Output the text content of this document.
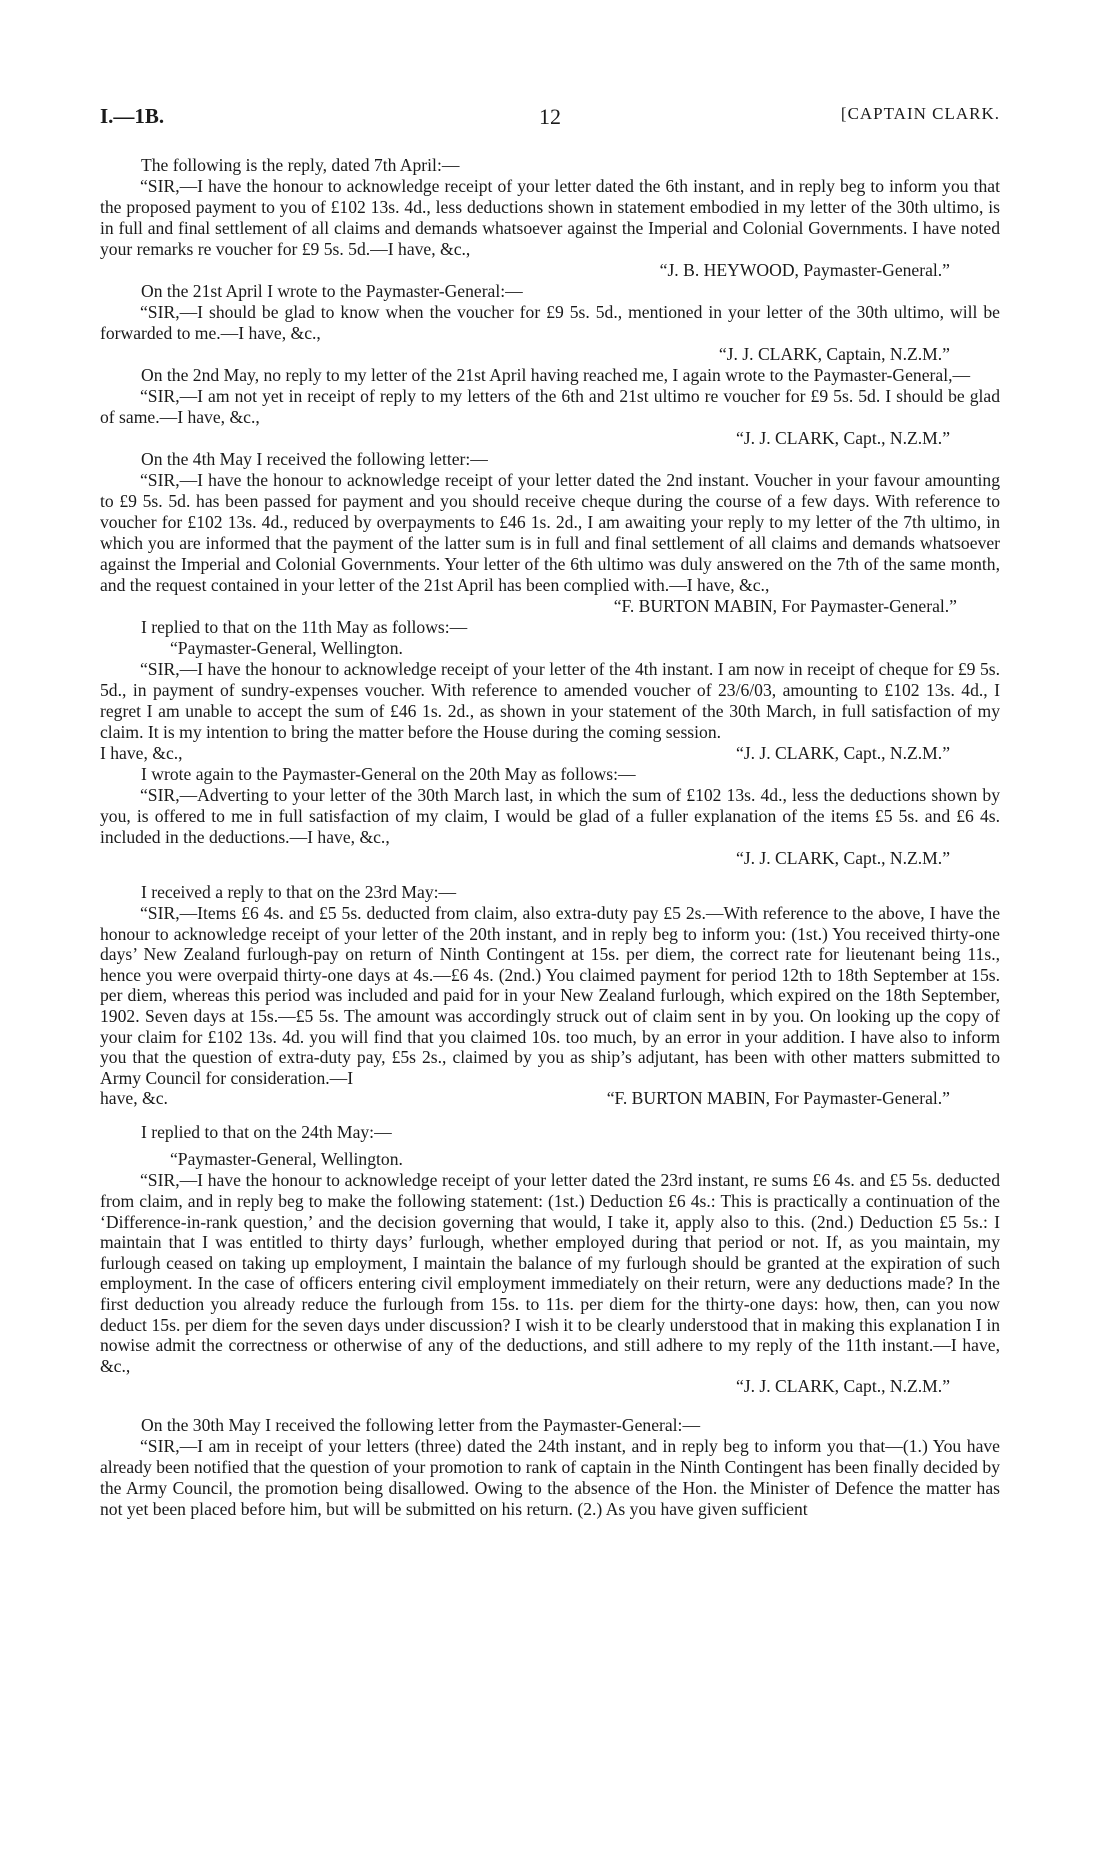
I.—1B.	12	[CAPTAIN CLARK.

The following is the reply, dated 7th April:—

“SIR,—I have the honour to acknowledge receipt of your letter dated the 6th instant, and in reply beg to inform you that the proposed payment to you of £102 13s. 4d., less deductions shown in statement embodied in my letter of the 30th ultimo, is in full and final settlement of all claims and demands whatsoever against the Imperial and Colonial Governments. I have noted your remarks re voucher for £9 5s. 5d.—I have, &c.,

“J. B. HEYWOOD, Paymaster-General.”

On the 21st April I wrote to the Paymaster-General:—

“SIR,—I should be glad to know when the voucher for £9 5s. 5d., mentioned in your letter of the 30th ultimo, will be forwarded to me.—I have, &c.,

“J. J. CLARK, Captain, N.Z.M.”

On the 2nd May, no reply to my letter of the 21st April having reached me, I again wrote to the Paymaster-General,—

“SIR,—I am not yet in receipt of reply to my letters of the 6th and 21st ultimo re voucher for £9 5s. 5d. I should be glad of same.—I have, &c.,

“J. J. CLARK, Capt., N.Z.M.”

On the 4th May I received the following letter:—

“SIR,—I have the honour to acknowledge receipt of your letter dated the 2nd instant. Voucher in your favour amounting to £9 5s. 5d. has been passed for payment and you should receive cheque during the course of a few days. With reference to voucher for £102 13s. 4d., reduced by overpayments to £46 1s. 2d., I am awaiting your reply to my letter of the 7th ultimo, in which you are informed that the payment of the latter sum is in full and final settlement of all claims and demands whatsoever against the Imperial and Colonial Governments. Your letter of the 6th ultimo was duly answered on the 7th of the same month, and the request contained in your letter of the 21st April has been complied with.—I have, &c.,

“F. BURTON MABIN, For Paymaster-General.”

I replied to that on the 11th May as follows:—

“Paymaster-General, Wellington.

“SIR,—I have the honour to acknowledge receipt of your letter of the 4th instant. I am now in receipt of cheque for £9 5s. 5d., in payment of sundry-expenses voucher. With reference to amended voucher of 23/6/03, amounting to £102 13s. 4d., I regret I am unable to accept the sum of £46 1s. 2d., as shown in your statement of the 30th March, in full satisfaction of my claim. It is my intention to bring the matter before the House during the coming session.

I have, &c.,	“J. J. CLARK, Capt., N.Z.M.”

I wrote again to the Paymaster-General on the 20th May as follows:—

“SIR,—Adverting to your letter of the 30th March last, in which the sum of £102 13s. 4d., less the deductions shown by you, is offered to me in full satisfaction of my claim, I would be glad of a fuller explanation of the items £5 5s. and £6 4s. included in the deductions.—I have, &c.,

“J. J. CLARK, Capt., N.Z.M.”

I received a reply to that on the 23rd May:—

“SIR,—Items £6 4s. and £5 5s. deducted from claim, also extra-duty pay £5 2s.—With reference to the above, I have the honour to acknowledge receipt of your letter of the 20th instant, and in reply beg to inform you: (1st.) You received thirty-one days’ New Zealand furlough-pay on return of Ninth Contingent at 15s. per diem, the correct rate for lieutenant being 11s., hence you were overpaid thirty-one days at 4s.—£6 4s. (2nd.) You claimed payment for period 12th to 18th September at 15s. per diem, whereas this period was included and paid for in your New Zealand furlough, which expired on the 18th September, 1902. Seven days at 15s.—£5 5s. The amount was accordingly struck out of claim sent in by you. On looking up the copy of your claim for £102 13s. 4d. you will find that you claimed 10s. too much, by an error in your addition. I have also to inform you that the question of extra-duty pay, £5s 2s., claimed by you as ship’s adjutant, has been with other matters submitted to Army Council for consideration.—I

have, &c.	“F. BURTON MABIN, For Paymaster-General.”

I replied to that on the 24th May:—

“Paymaster-General, Wellington.

“SIR,—I have the honour to acknowledge receipt of your letter dated the 23rd instant, re sums £6 4s. and £5 5s. deducted from claim, and in reply beg to make the following statement: (1st.) Deduction £6 4s.: This is practically a continuation of the ‘Difference-in-rank question,’ and the decision governing that would, I take it, apply also to this. (2nd.) Deduction £5 5s.: I maintain that I was entitled to thirty days’ furlough, whether employed during that period or not. If, as you maintain, my furlough ceased on taking up employment, I maintain the balance of my furlough should be granted at the expiration of such employment. In the case of officers entering civil employment immediately on their return, were any deductions made? In the first deduction you already reduce the furlough from 15s. to 11s. per diem for the thirty-one days: how, then, can you now deduct 15s. per diem for the seven days under discussion? I wish it to be clearly understood that in making this explanation I in nowise admit the correctness or otherwise of any of the deductions, and still adhere to my reply of the 11th instant.—I have, &c.,

“J. J. CLARK, Capt., N.Z.M.”

On the 30th May I received the following letter from the Paymaster-General:—

“SIR,—I am in receipt of your letters (three) dated the 24th instant, and in reply beg to inform you that—(1.) You have already been notified that the question of your promotion to rank of captain in the Ninth Contingent has been finally decided by the Army Council, the promotion being disallowed. Owing to the absence of the Hon. the Minister of Defence the matter has not yet been placed before him, but will be submitted on his return. (2.) As you have given sufficient
